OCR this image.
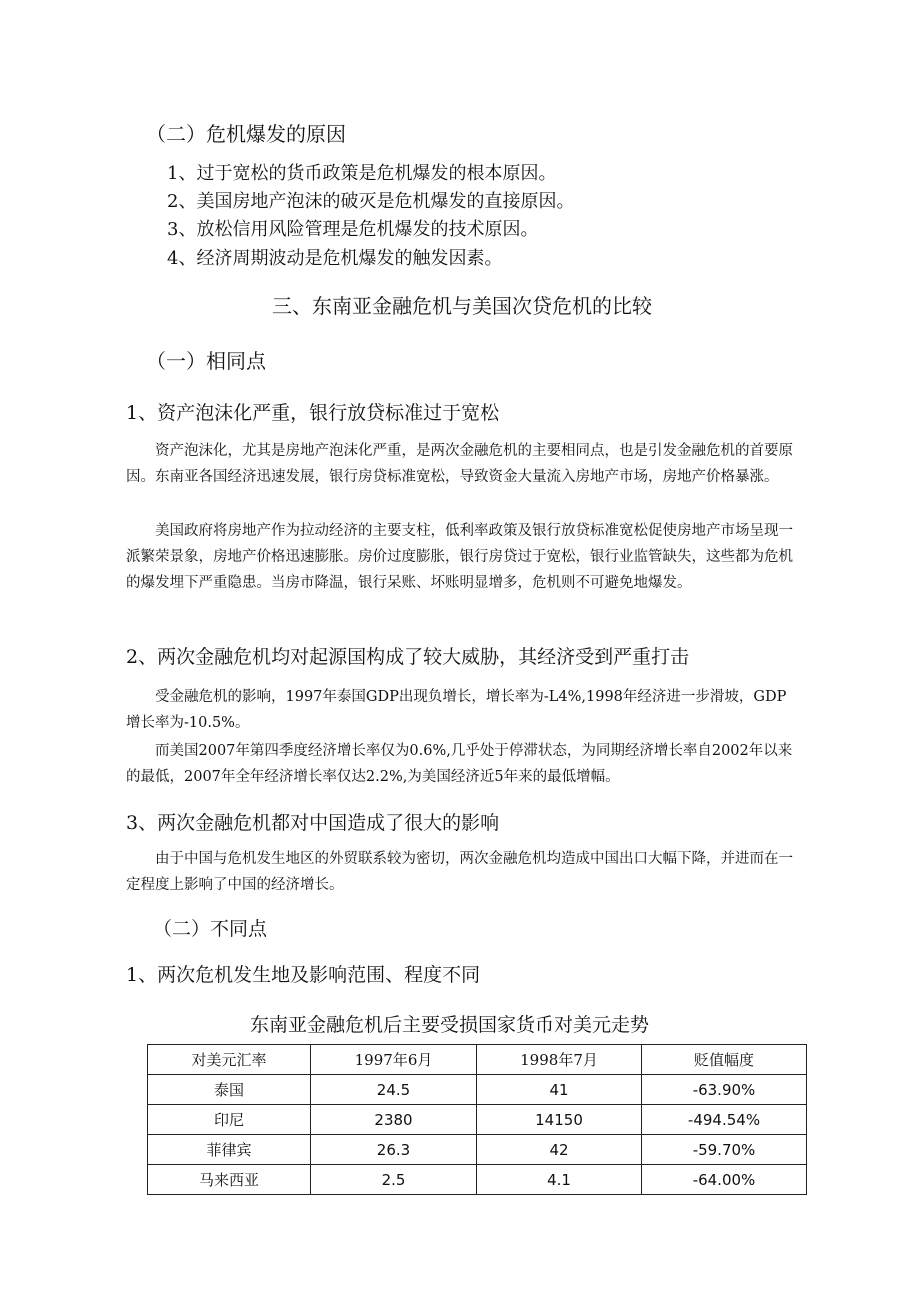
（二）危机爆发的原因
1、过于宽松的货币政策是危机爆发的根本原因。
2、美国房地产泡沫的破灭是危机爆发的直接原因。
3、放松信用风险管理是危机爆发的技术原因。
4、经济周期波动是危机爆发的触发因素。
三、东南亚金融危机与美国次贷危机的比较
（一）相同点
1、资产泡沫化严重，银行放贷标准过于宽松

资产泡沫化，尤其是房地产泡沫化严重，是两次金融危机的主要相同点，也是引发金融危机的首要原因。东南亚各国经济迅速发展，银行房贷标准宽松，导致资金大量流入房地产市场，房地产价格暴涨。

美国政府将房地产作为拉动经济的主要支柱，低利率政策及银行放贷标准宽松促使房地产市场呈现一派繁荣景象，房地产价格迅速膨胀。房价过度膨胀，银行房贷过于宽松，银行业监管缺失，这些都为危机的爆发埋下严重隐患。当房市降温，银行呆账、坏账明显增多，危机则不可避免地爆发。

2、两次金融危机均对起源国构成了较大威胁，其经济受到严重打击

受金融危机的影响，1997年泰国GDP出现负增长，增长率为-L4%,1998年经济进一步滑坡，GDP增长率为-10.5%。

而美国2007年第四季度经济增长率仅为0.6%,几乎处于停滞状态，为同期经济增长率自2002年以来的最低，2007年全年经济增长率仅达2.2%,为美国经济近5年来的最低增幅。

3、两次金融危机都对中国造成了很大的影响

由于中国与危机发生地区的外贸联系较为密切，两次金融危机均造成中国出口大幅下降，并进而在一定程度上影响了中国的经济增长。

（二）不同点
1、两次危机发生地及影响范围、程度不同
东南亚金融危机后主要受损国家货币对美元走势
对美元汇率	1997年6月	1998年7月	贬值幅度
泰国	24.5	41	-63.90%
印尼	2380	14150	-494.54%
菲律宾	26.3	42	-59.70%
马来西亚	2.5	4.1	-64.00%
